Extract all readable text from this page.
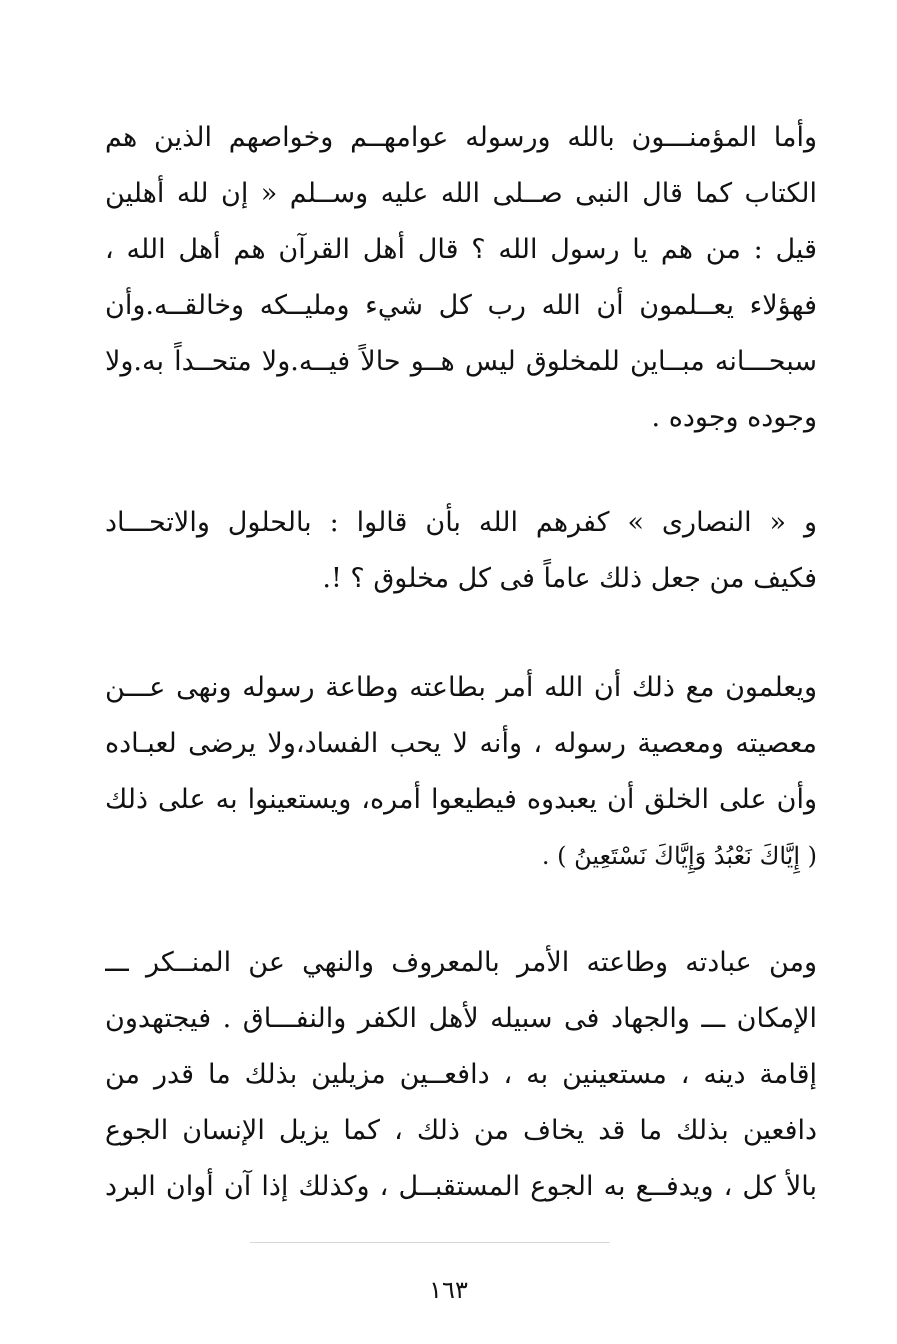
وأما المؤمنـــون بالله ورسوله عوامهــم وخواصهم الذين هم
الكتاب كما قال النبى صــلى الله عليه وســلم « إن لله أهلين
قيل : من هم يا رسول الله ؟ قال أهل القرآن هم أهل الله ،
فهؤلاء يعــلمون أن الله رب كل شيء ومليــكه وخالقــه.وأن
سبحـــانه مبــاين للمخلوق ليس هــو حالاً فيــه.ولا متحــداً به.ولا
وجوده وجوده .
و « النصارى » كفرهم الله بأن قالوا : بالحلول والاتحـــاد
فكيف من جعل ذلك عاماً فى كل مخلوق ؟ !.
ويعلمون مع ذلك أن الله أمر بطاعته وطاعة رسوله ونهى عـــن
معصيته ومعصية رسوله ، وأنه لا يحب الفساد،ولا يرضى لعبـاده
وأن على الخلق أن يعبدوه فيطيعوا أمره، ويستعينوا به على ذلك
( إِيَّاكَ نَعْبُدُ وَإِيَّاكَ نَسْتَعِينُ ) .
ومن عبادته وطاعته الأمر بالمعروف والنهي عن المنــكر ـــ
الإمكان ـــ والجهاد فى سبيله لأهل الكفر والنفـــاق . فيجتهدون
إقامة دينه ، مستعينين به ، دافعــين مزيلين بذلك ما قدر من
دافعين بذلك ما قد يخاف من ذلك ، كما يزيل الإنسان الجوع
بالأ كل ، ويدفــع به الجوع المستقبــل ، وكذلك إذا آن أوان البرد
١٦٣
